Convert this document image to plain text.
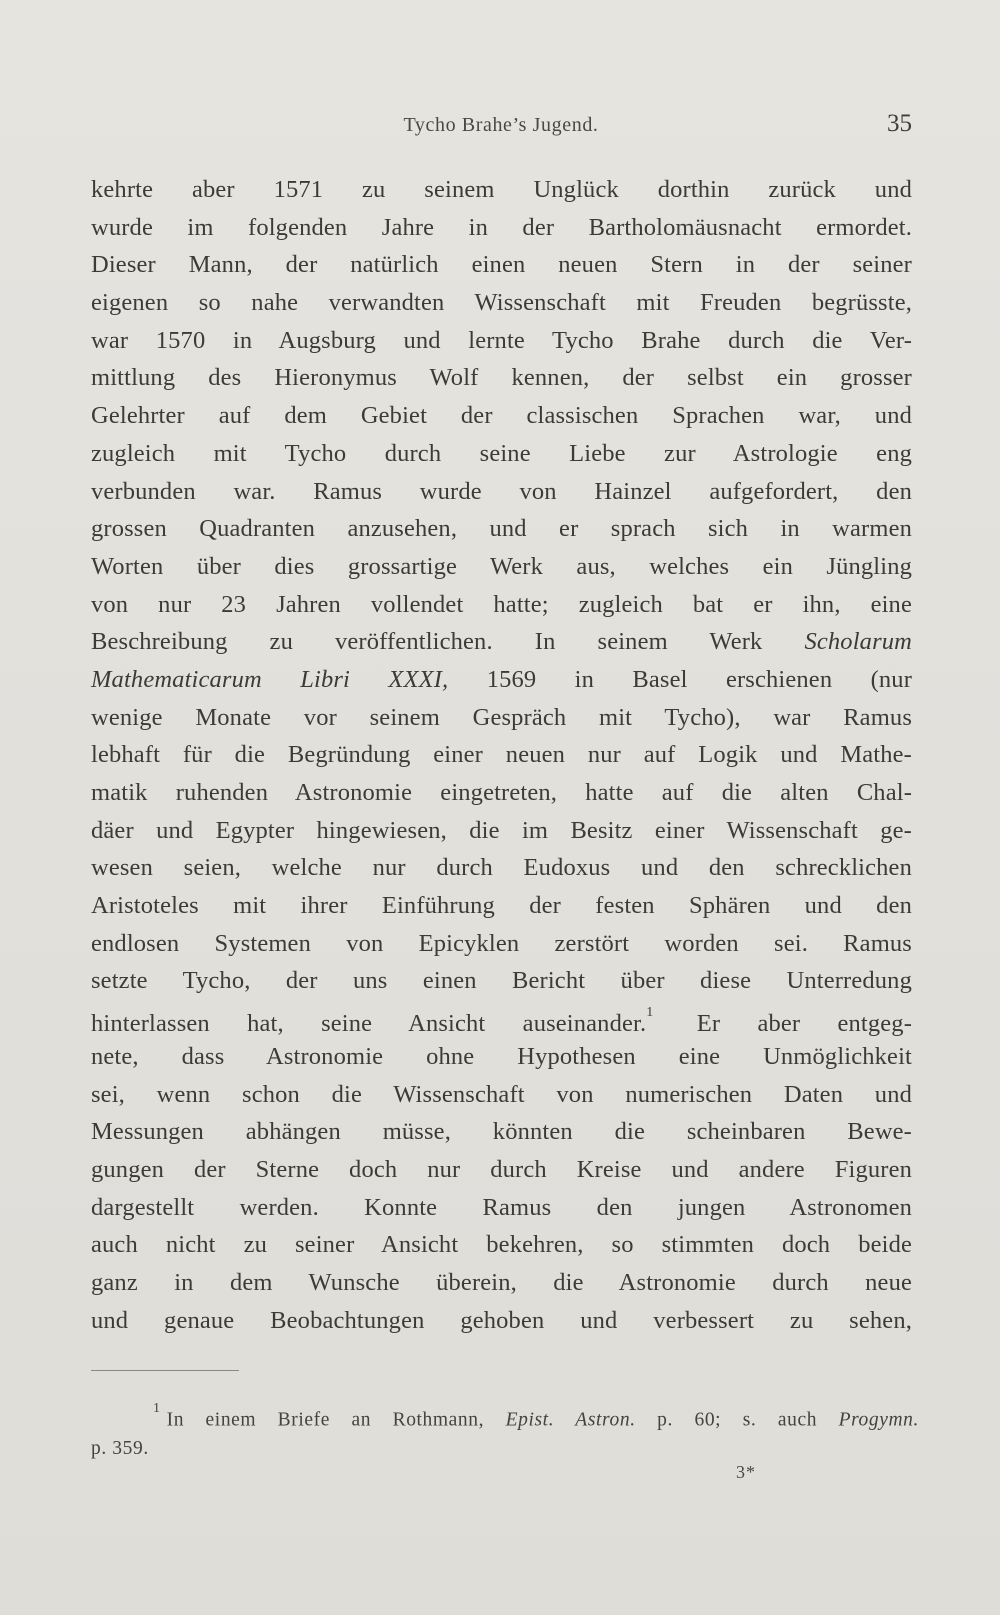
Tycho Brahe’s Jugend.	35
kehrte aber 1571 zu seinem Unglück dorthin zurück und
wurde im folgenden Jahre in der Bartholomäusnacht ermordet.
Dieser Mann, der natürlich einen neuen Stern in der seiner
eigenen so nahe verwandten Wissenschaft mit Freuden begrüsste,
war 1570 in Augsburg und lernte Tycho Brahe durch die Ver-
mittlung des Hieronymus Wolf kennen, der selbst ein grosser
Gelehrter auf dem Gebiet der classischen Sprachen war, und
zugleich mit Tycho durch seine Liebe zur Astrologie eng
verbunden war. Ramus wurde von Hainzel aufgefordert, den
grossen Quadranten anzusehen, und er sprach sich in warmen
Worten über dies grossartige Werk aus, welches ein Jüngling
von nur 23 Jahren vollendet hatte; zugleich bat er ihn, eine
Beschreibung zu veröffentlichen. In seinem Werk Scholarum
Mathematicarum Libri XXXI, 1569 in Basel erschienen (nur
wenige Monate vor seinem Gespräch mit Tycho), war Ramus
lebhaft für die Begründung einer neuen nur auf Logik und Mathe-
matik ruhenden Astronomie eingetreten, hatte auf die alten Chal-
däer und Egypter hingewiesen, die im Besitz einer Wissenschaft ge-
wesen seien, welche nur durch Eudoxus und den schrecklichen
Aristoteles mit ihrer Einführung der festen Sphären und den
endlosen Systemen von Epicyklen zerstört worden sei. Ramus
setzte Tycho, der uns einen Bericht über diese Unterredung
hinterlassen hat, seine Ansicht auseinander.$^1$ Er aber entgeg-
nete, dass Astronomie ohne Hypothesen eine Unmöglichkeit
sei, wenn schon die Wissenschaft von numerischen Daten und
Messungen abhängen müsse, könnten die scheinbaren Bewe-
gungen der Sterne doch nur durch Kreise und andere Figuren
dargestellt werden. Konnte Ramus den jungen Astronomen
auch nicht zu seiner Ansicht bekehren, so stimmten doch beide
ganz in dem Wunsche überein, die Astronomie durch neue
und genaue Beobachtungen gehoben und verbessert zu sehen,
$^1$In einem Briefe an Rothmann, Epist. Astron. p. 60; s. auch Progymn.
p. 359.
3*
